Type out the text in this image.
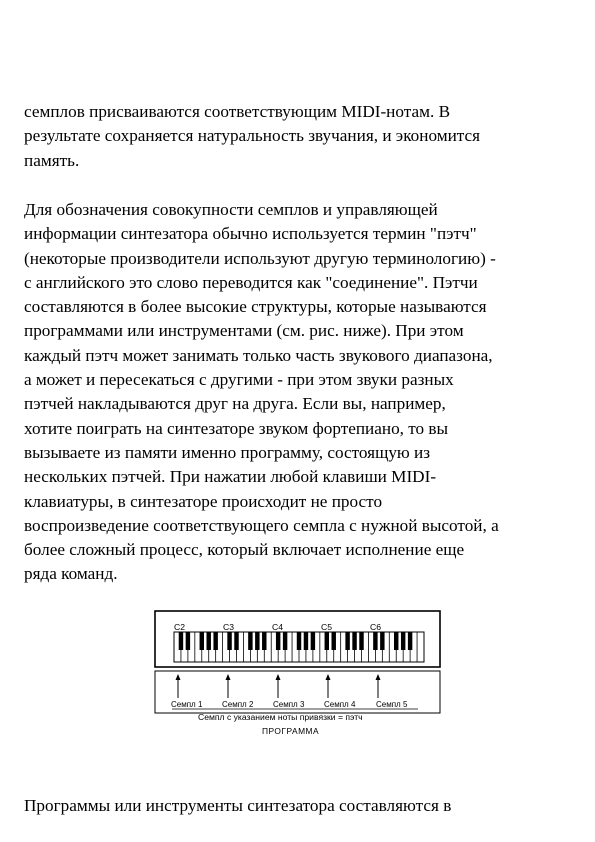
семплов присваиваются соответствующим MIDI-нотам. В
результате сохраняется натуральность звучания, и экономится
память.
Для обозначения совокупности семплов и управляющей
информации синтезатора обычно используется термин "пэтч"
(некоторые производители используют другую терминологию) -
с английского это слово переводится как "соединение". Пэтчи
составляются в более высокие структуры, которые называются
программами или инструментами (см. рис. ниже). При этом
каждый пэтч может занимать только часть звукового диапазона,
а может и пересекаться с другими - при этом звуки разных
пэтчей накладываются друг на друга. Если вы, например,
хотите поиграть на синтезаторе звуком фортепиано, то вы
вызываете из памяти именно программу, состоящую из
нескольких пэтчей. При нажатии любой клавиши MIDI-
клавиатуры, в синтезаторе происходит не просто
воспроизведение соответствующего семпла с нужной высотой, а
более сложный процесс, который включает исполнение еще
ряда команд.
C2	C3	C4	C5	C6
Семпл 1 Семпл 2 Семпл 3 Семпл 4	Семпл 5
Семпл с указанием ноты привязки = пэтч
ПРОГРАММА
Программы или инструменты синтезатора составляются в
